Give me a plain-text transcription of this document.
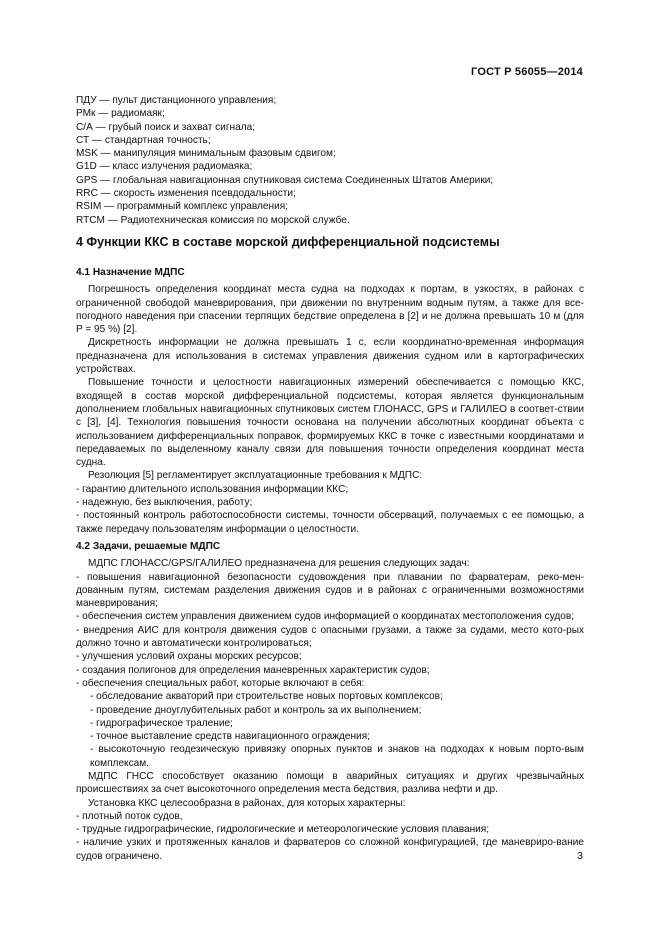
ГОСТ Р 56055—2014
ПДУ — пульт дистанционного управления;
РМк — радиомаяк;
С/А — грубый поиск и захват сигнала;
СТ — стандартная точность;
MSK — манипуляция минимальным фазовым сдвигом;
G1D — класс излучения радиомаяка;
GPS — глобальная навигационная спутниковая система Соединенных Штатов Америки;
RRC — скорость изменения псевдодальности;
RSIM — программный комплекс управления;
RTCM — Радиотехническая комиссия по морской службе.
4 Функции ККС в составе морской дифференциальной подсистемы
4.1 Назначение МДПС

Погрешность определения координат места судна на подходах к портам, в узкостях, в районах с ограниченной свободой маневрирования, при движении по внутренним водным путям, а также для все-погодного наведения при спасении терпящих бедствие определена в [2] и не должна превышать 10 м (для P = 95 %) [2].

Дискретность информации не должна превышать 1 с, если координатно-временная информация предназначена для использования в системах управления движения судном или в картографических устройствах.

Повышение точности и целостности навигационных измерений обеспечивается с помощью ККС, входящей в состав морской дифференциальной подсистемы, которая является функциональным дополнением глобальных навигационных спутниковых систем ГЛОНАСС, GPS и ГАЛИЛЕО в соответ-ствии с [3], [4]. Технология повышения точности основана на получении абсолютных координат объекта с использованием дифференциальных поправок, формируемых ККС в точке с известными координатами и передаваемых по выделенному каналу связи для повышения точности определения координат места судна.

Резолюция [5] регламентирует эксплуатационные требования к МДПС:

- гарантию длительного использования информации ККС;

- надежную, без выключения, работу;

- постоянный контроль работоспособности системы, точности обсерваций, получаемых с ее помощью, а также передачу пользователям информации о целостности.

4.2 Задачи, решаемые МДПС

МДПС ГЛОНАСС/GPS/ГАЛИЛЕО предназначена для решения следующих задач:

- повышения навигационной безопасности судовождения при плавании по фарватерам, реко-мен-дованным путям, системам разделения движения судов и в районах с ограниченными возможностями маневрирования;

- обеспечения систем управления движением судов информацией о координатах местоположения судов;

- внедрения АИС для контроля движения судов с опасными грузами, а также за судами, место кото-рых должно точно и автоматически контролироваться;

- улучшения условий охраны морских ресурсов;

- создания полигонов для определения маневренных характеристик судов;

- обеспечения специальных работ, которые включают в себя:

- обследование акваторий при строительстве новых портовых комплексов;

- проведение дноуглубительных работ и контроль за их выполнением;

- гидрографическое траление;

- точное выставление средств навигационного ограждения;

- высокоточную геодезическую привязку опорных пунктов и знаков на подходах к новым порто-вым комплексам.

МДПС ГНСС способствует оказанию помощи в аварийных ситуациях и других чрезвычайных происшествиях за счет высокоточного определения места бедствия, разлива нефти и др.

Установка ККС целесообразна в районах, для которых характерны:

- плотный поток судов,

- трудные гидрографические, гидрологические и метеорологические условия плавания;

- наличие узких и протяженных каналов и фарватеров со сложной конфигурацией, где маневриро-вание судов ограничено.	3
